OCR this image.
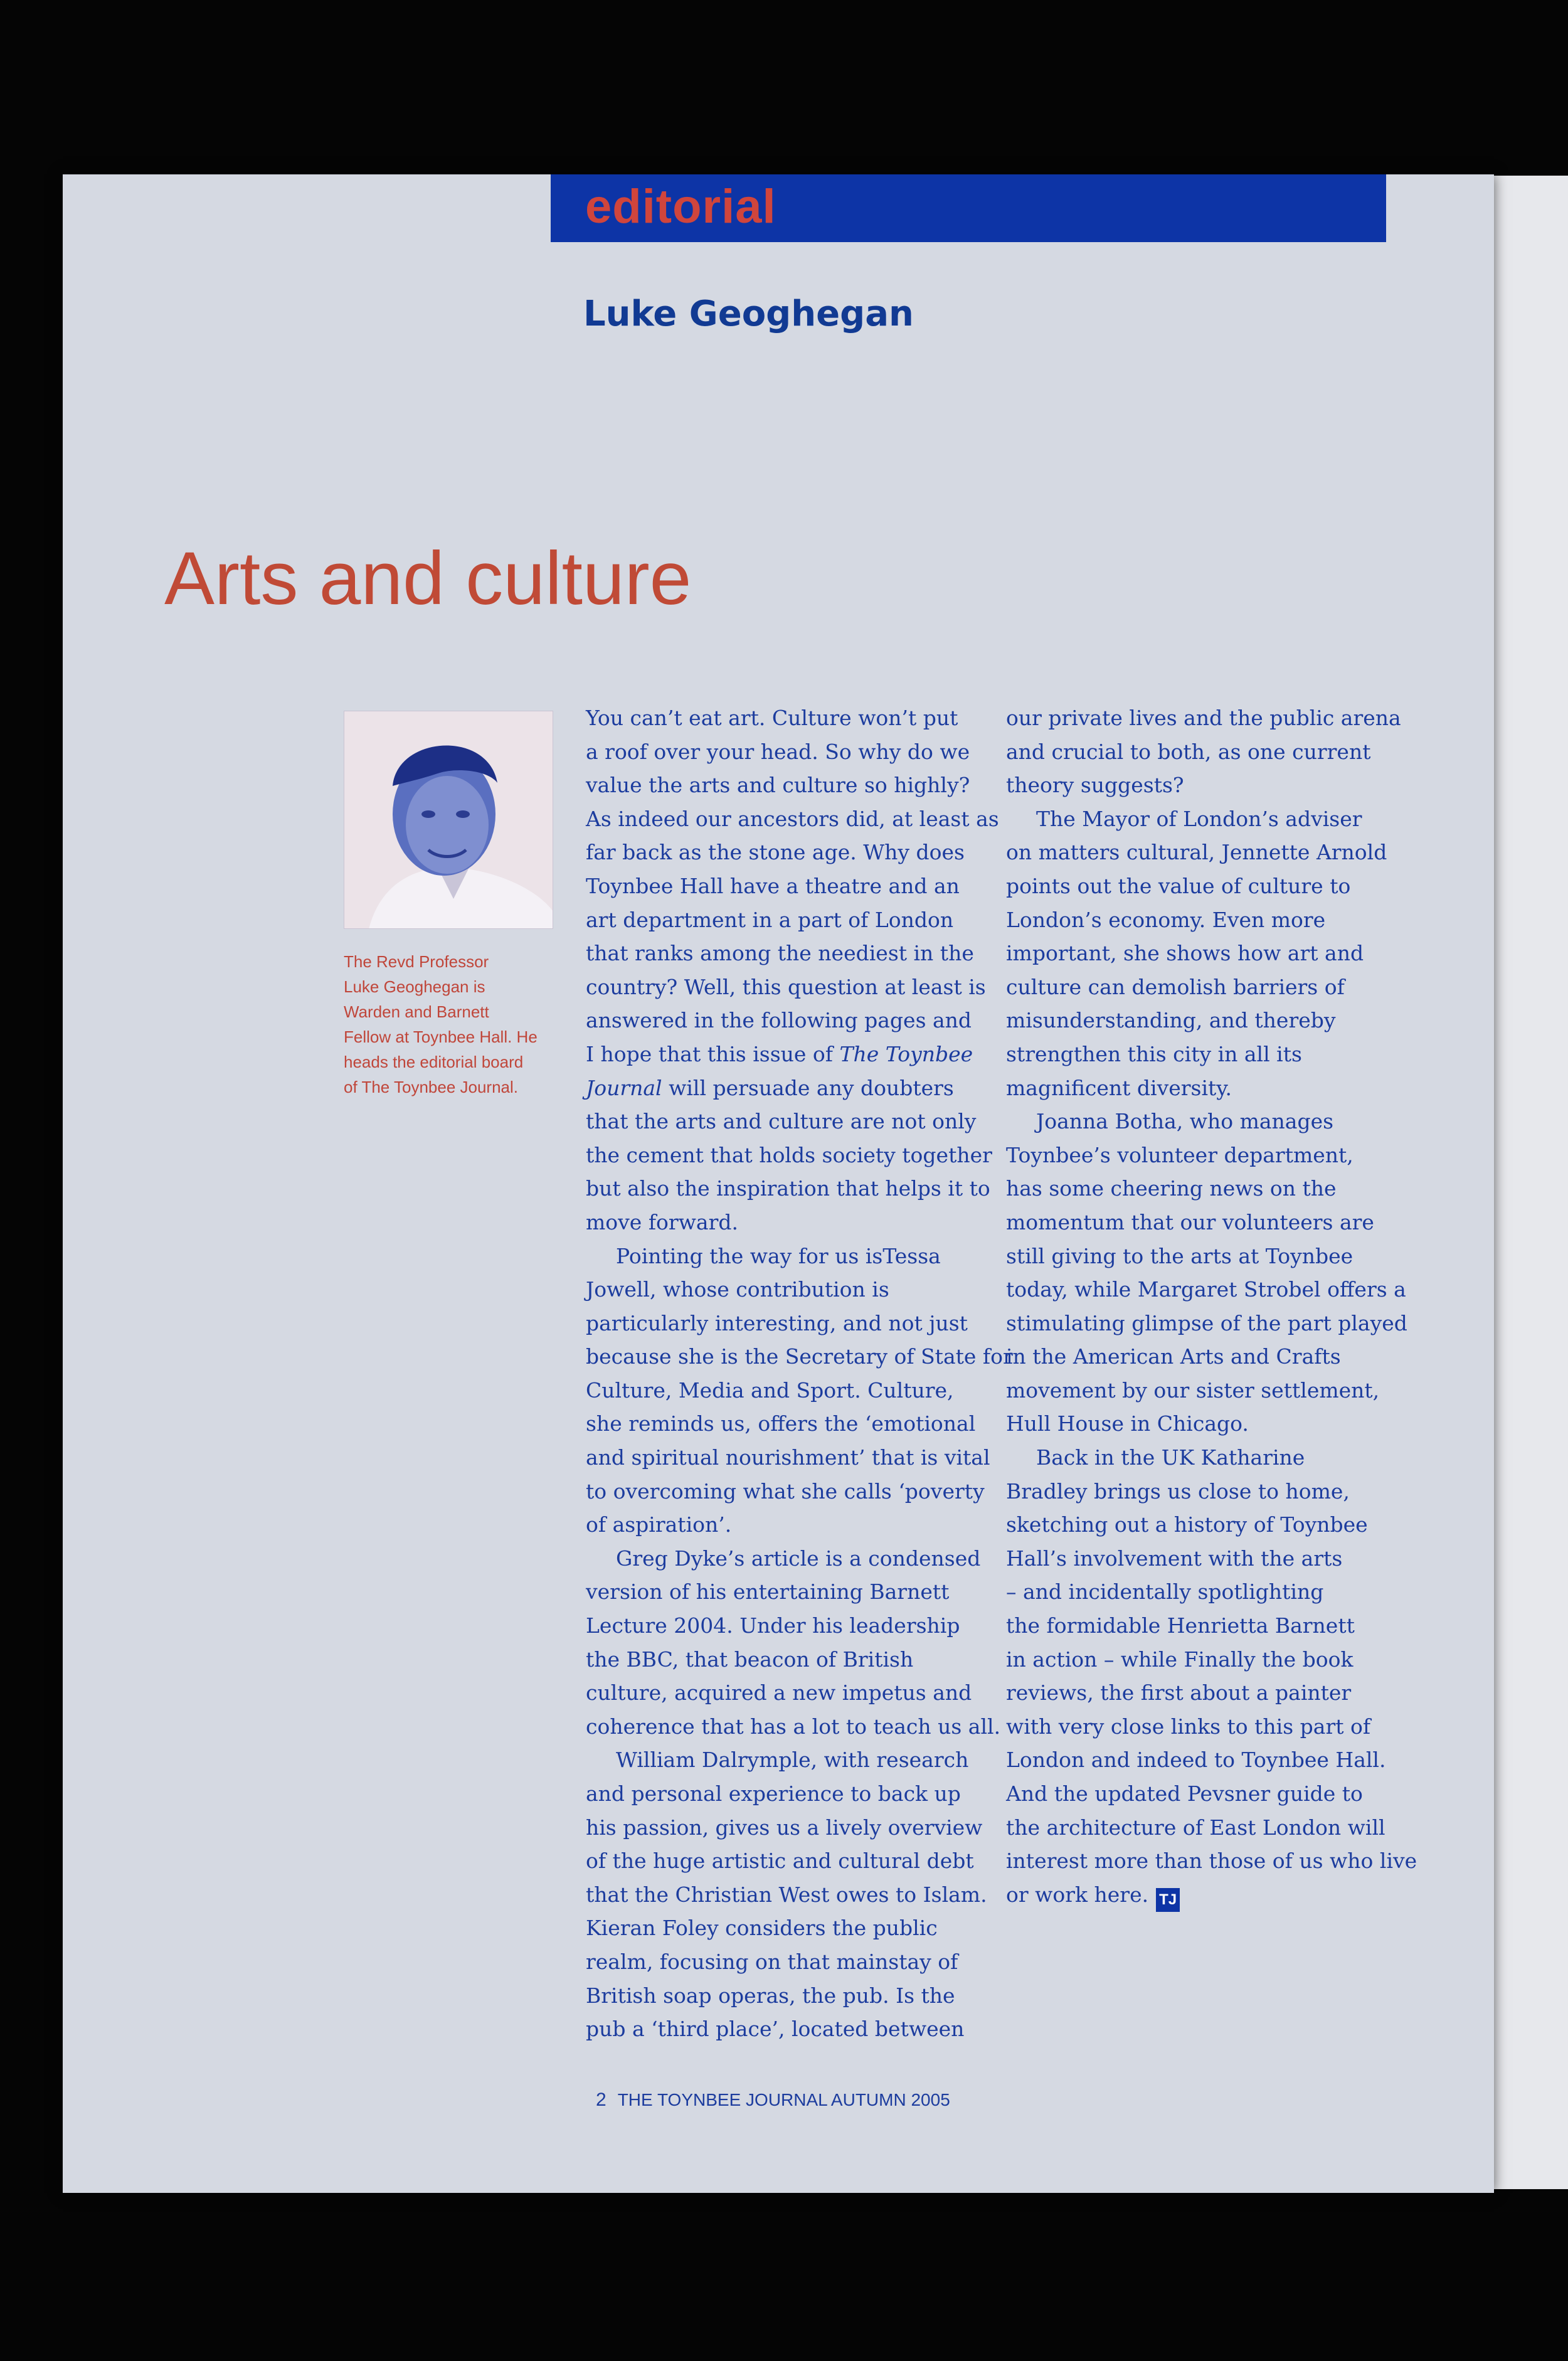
editorial
Luke Geoghegan
Arts and culture

The Revd Professor
Luke Geoghegan is
Warden and Barnett
Fellow at Toynbee Hall. He
heads the editorial board
of The Toynbee Journal.

You can’t eat art. Culture won’t put
a roof over your head. So why do we
value the arts and culture so highly?
As indeed our ancestors did, at least as
far back as the stone age. Why does
Toynbee Hall have a theatre and an
art department in a part of London
that ranks among the neediest in the
country? Well, this question at least is
answered in the following pages and
I hope that this issue of The Toynbee
Journal will persuade any doubters
that the arts and culture are not only
the cement that holds society together
but also the inspiration that helps it to
move forward.

Pointing the way for us isTessa
Jowell, whose contribution is
particularly interesting, and not just
because she is the Secretary of State for
Culture, Media and Sport. Culture,
she reminds us, offers the ‘emotional
and spiritual nourishment’ that is vital
to overcoming what she calls ‘poverty
of aspiration’.

Greg Dyke’s article is a condensed
version of his entertaining Barnett
Lecture 2004. Under his leadership
the BBC, that beacon of British
culture, acquired a new impetus and
coherence that has a lot to teach us all.

William Dalrymple, with research
and personal experience to back up
his passion, gives us a lively overview
of the huge artistic and cultural debt
that the Christian West owes to Islam.
Kieran Foley considers the public
realm, focusing on that mainstay of
British soap operas, the pub. Is the
pub a ‘third place’, located between

our private lives and the public arena
and crucial to both, as one current
theory suggests?

The Mayor of London’s adviser
on matters cultural, Jennette Arnold
points out the value of culture to
London’s economy. Even more
important, she shows how art and
culture can demolish barriers of
misunderstanding, and thereby
strengthen this city in all its
magnificent diversity.

Joanna Botha, who manages
Toynbee’s volunteer department,
has some cheering news on the
momentum that our volunteers are
still giving to the arts at Toynbee
today, while Margaret Strobel offers a
stimulating glimpse of the part played
in the American Arts and Crafts
movement by our sister settlement,
Hull House in Chicago.

Back in the UK Katharine
Bradley brings us close to home,
sketching out a history of Toynbee
Hall’s involvement with the arts
– and incidentally spotlighting
the formidable Henrietta Barnett
in action – while Finally the book
reviews, the first about a painter
with very close links to this part of
London and indeed to Toynbee Hall.
And the updated Pevsner guide to
the architecture of East London will
interest more than those of us who live
or work here. TJ

2 THE TOYNBEE JOURNAL AUTUMN 2005
